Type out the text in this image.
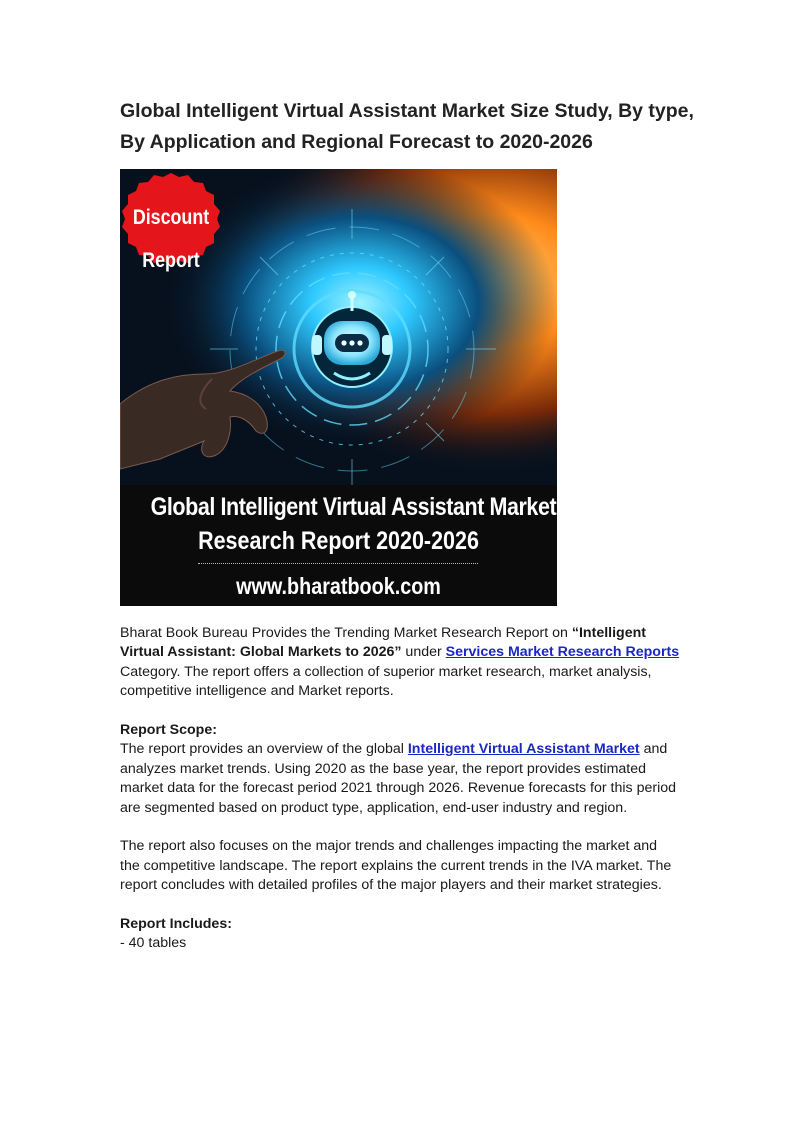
Global Intelligent Virtual Assistant Market Size Study, By type,
By Application and Regional Forecast to 2020-2026
Discount
Report
Global Intelligent Virtual Assistant Market
Research Report 2020-2026
www.bharatbook.com

Bharat Book Bureau Provides the Trending Market Research Report on “Intelligent Virtual Assistant: Global Markets to 2026” under Services Market Research Reports Category. The report offers a collection of superior market research, market analysis, competitive intelligence and Market reports.

Report Scope:
The report provides an overview of the global Intelligent Virtual Assistant Market and analyzes market trends. Using 2020 as the base year, the report provides estimated market data for the forecast period 2021 through 2026. Revenue forecasts for this period are segmented based on product type, application, end-user industry and region.

The report also focuses on the major trends and challenges impacting the market and the competitive landscape. The report explains the current trends in the IVA market. The report concludes with detailed profiles of the major players and their market strategies.

Report Includes:
- 40 tables
